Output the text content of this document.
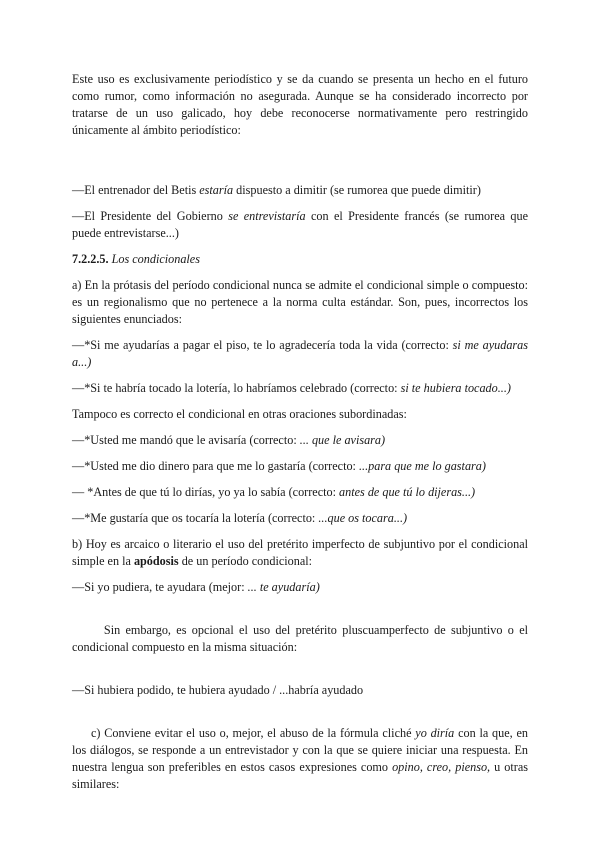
Este uso es exclusivamente periodístico y se da cuando se presenta un hecho en el futuro como rumor, como información no asegurada. Aunque se ha considerado incorrecto por tratarse de un uso galicado, hoy debe reconocerse normativamente pero restringido únicamente al ámbito periodístico:

—El entrenador del Betis estaría dispuesto a dimitir (se rumorea que puede dimitir)

—El Presidente del Gobierno se entrevistaría con el Presidente francés (se rumorea que puede entrevistarse...)

7.2.2.5. Los condicionales

a) En la prótasis del período condicional nunca se admite el condicional simple o compuesto: es un regionalismo que no pertenece a la norma culta estándar. Son, pues, incorrectos los siguientes enunciados:

—*Si me ayudarías a pagar el piso, te lo agradecería toda la vida (correcto: si me ayudaras a...)

—*Si te habría tocado la lotería, lo habríamos celebrado (correcto: si te hubiera tocado...)

Tampoco es correcto el condicional en otras oraciones subordinadas:

—*Usted me mandó que le avisaría (correcto: ... que le avisara)

—*Usted me dio dinero para que me lo gastaría (correcto: ...para que me lo gastara)

— *Antes de que tú lo dirías, yo ya lo sabía (correcto: antes de que tú lo dijeras...)

—*Me gustaría que os tocaría la lotería (correcto: ...que os tocara...)

b) Hoy es arcaico o literario el uso del pretérito imperfecto de subjuntivo por el condicional simple en la apódosis de un período condicional:

—Si yo pudiera, te ayudara (mejor: ... te ayudaría)

Sin embargo, es opcional el uso del pretérito pluscuamperfecto de subjuntivo o el condicional compuesto en la misma situación:

—Si hubiera podido, te hubiera ayudado / ...habría ayudado

c) Conviene evitar el uso o, mejor, el abuso de la fórmula cliché yo diría con la que, en los diálogos, se responde a un entrevistador y con la que se quiere iniciar una respuesta. En nuestra lengua son preferibles en estos casos expresiones como opino, creo, pienso, u otras similares:
